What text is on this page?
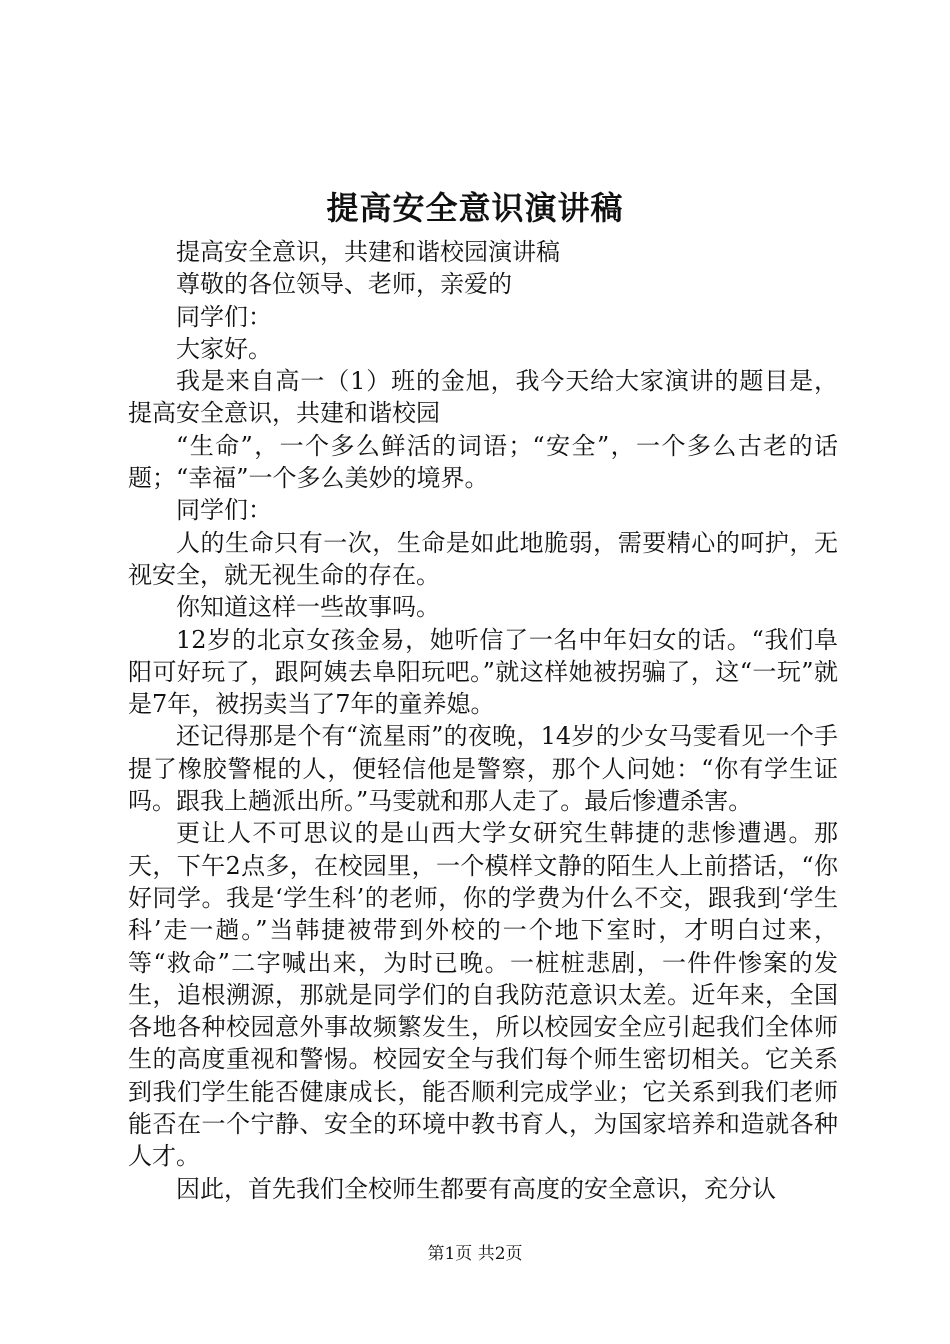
提高安全意识演讲稿

提高安全意识，共建和谐校园演讲稿

尊敬的各位领导、老师，亲爱的

同学们：

大家好。

我是来自高一（1）班的金旭，我今天给大家演讲的题目是，提高安全意识，共建和谐校园

“生命”，一个多么鲜活的词语；“安全”，一个多么古老的话题；“幸福”一个多么美妙的境界。

同学们：

人的生命只有一次，生命是如此地脆弱，需要精心的呵护，无视安全，就无视生命的存在。

你知道这样一些故事吗。

12岁的北京女孩金易，她听信了一名中年妇女的话。“我们阜阳可好玩了，跟阿姨去阜阳玩吧。”就这样她被拐骗了，这“一玩”就是7年，被拐卖当了7年的童养媳。

还记得那是个有“流星雨”的夜晚，14岁的少女马雯看见一个手提了橡胶警棍的人，便轻信他是警察，那个人问她：“你有学生证吗。跟我上趟派出所。”马雯就和那人走了。最后惨遭杀害。

更让人不可思议的是山西大学女研究生韩捷的悲惨遭遇。那天，下午2点多，在校园里，一个模样文静的陌生人上前搭话，“你好同学。我是‘学生科’的老师，你的学费为什么不交，跟我到‘学生科’走一趟。”当韩捷被带到外校的一个地下室时，才明白过来，等“救命”二字喊出来，为时已晚。一桩桩悲剧，一件件惨案的发生，追根溯源，那就是同学们的自我防范意识太差。近年来，全国各地各种校园意外事故频繁发生，所以校园安全应引起我们全体师生的高度重视和警惕。校园安全与我们每个师生密切相关。它关系到我们学生能否健康成长，能否顺利完成学业；它关系到我们老师能否在一个宁静、安全的环境中教书育人，为国家培养和造就各种人才。

因此，首先我们全校师生都要有高度的安全意识，充分认

第1页 共2页
